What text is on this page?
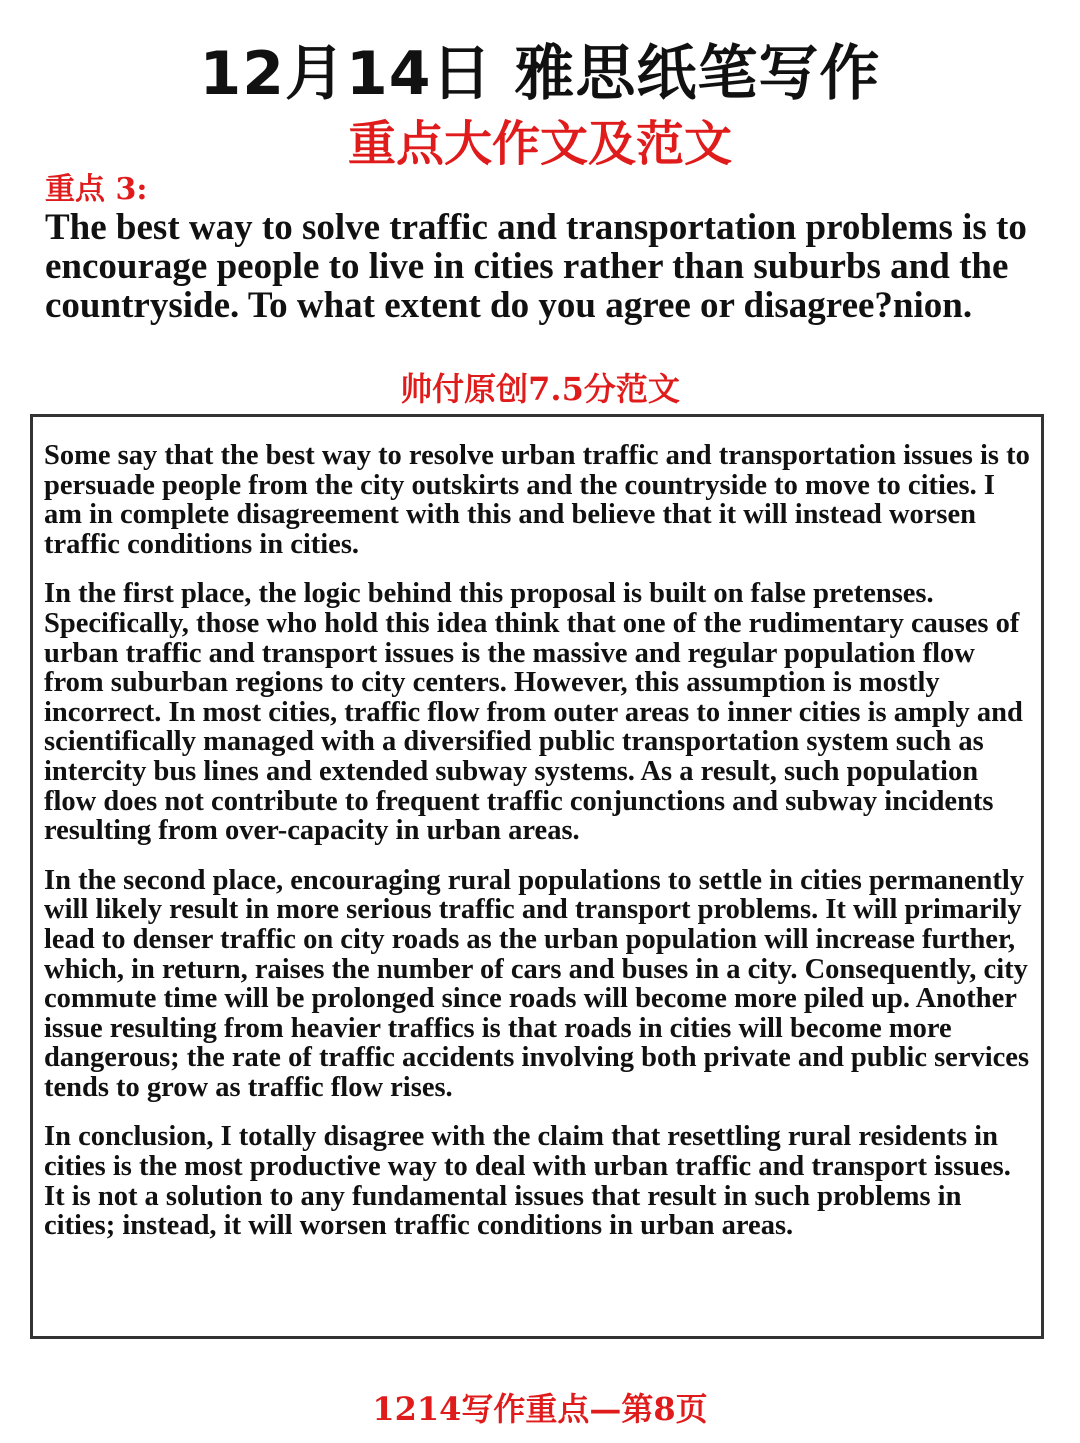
12月14日 雅思纸笔写作
重点大作文及范文
重点 3:
The best way to solve traffic and transportation problems is to encourage people to live in cities rather than suburbs and the countryside. To what extent do you agree or disagree?nion.
帅付原创7.5分范文

Some say that the best way to resolve urban traffic and transportation issues is to persuade people from the city outskirts and the countryside to move to cities. I am in complete disagreement with this and believe that it will instead worsen traffic conditions in cities.

In the first place, the logic behind this proposal is built on false pretenses. Specifically, those who hold this idea think that one of the rudimentary causes of urban traffic and transport issues is the massive and regular population flow from suburban regions to city centers. However, this assumption is mostly incorrect. In most cities, traffic flow from outer areas to inner cities is amply and scientifically managed with a diversified public transportation system such as intercity bus lines and extended subway systems. As a result, such population flow does not contribute to frequent traffic conjunctions and subway incidents resulting from over-capacity in urban areas.

In the second place, encouraging rural populations to settle in cities permanently will likely result in more serious traffic and transport problems. It will primarily lead to denser traffic on city roads as the urban population will increase further, which, in return, raises the number of cars and buses in a city. Consequently, city commute time will be prolonged since roads will become more piled up. Another issue resulting from heavier traffics is that roads in cities will become more dangerous; the rate of traffic accidents involving both private and public services tends to grow as traffic flow rises.

In conclusion, I totally disagree with the claim that resettling rural residents in cities is the most productive way to deal with urban traffic and transport issues. It is not a solution to any fundamental issues that result in such problems in cities; instead, it will worsen traffic conditions in urban areas.

1214写作重点—第8页
